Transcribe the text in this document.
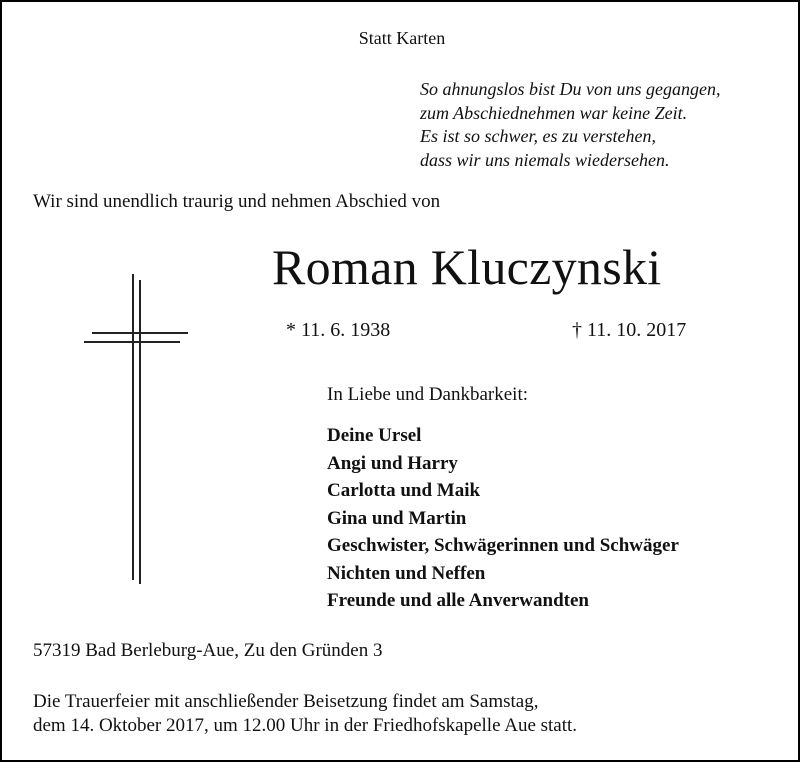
Statt Karten
So ahnungslos bist Du von uns gegangen,
zum Abschiednehmen war keine Zeit.
Es ist so schwer, es zu verstehen,
dass wir uns niemals wiedersehen.
Wir sind unendlich traurig und nehmen Abschied von
Roman Kluczynski
* 11. 6. 1938	† 11. 10. 2017
In Liebe und Dankbarkeit:
Deine Ursel
Angi und Harry
Carlotta und Maik
Gina und Martin
Geschwister, Schwägerinnen und Schwäger
Nichten und Neffen
Freunde und alle Anverwandten
57319 Bad Berleburg-Aue, Zu den Gründen 3
Die Trauerfeier mit anschließender Beisetzung findet am Samstag,
dem 14. Oktober 2017, um 12.00 Uhr in der Friedhofskapelle Aue statt.
